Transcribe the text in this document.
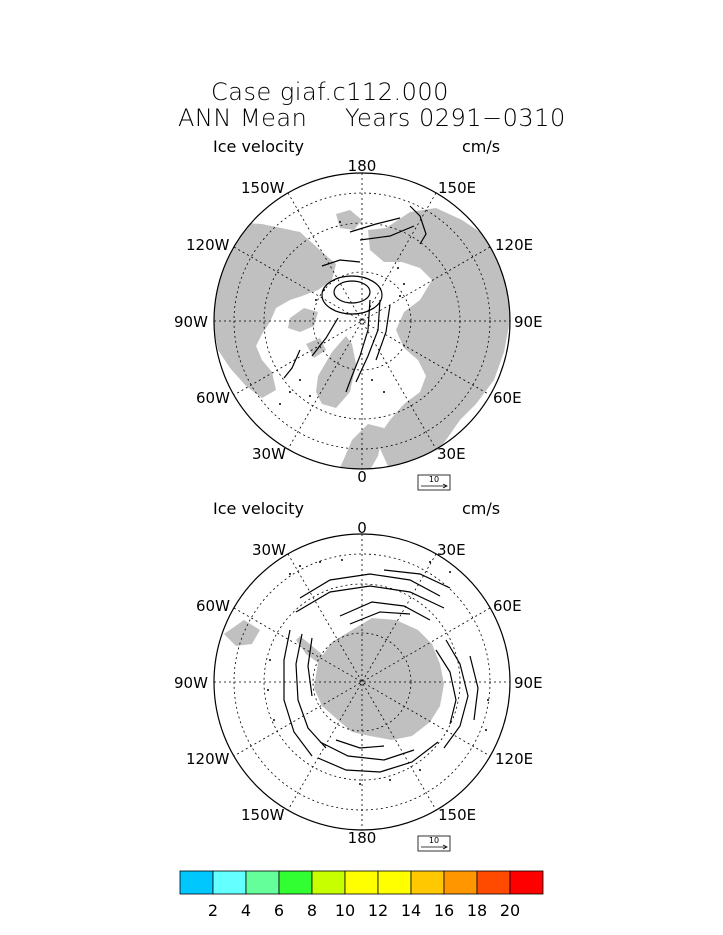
Case giaf.c112.000
ANN Mean Years 0291−0310
Ice velocity	cm/s
180
0
90W	90E
150W
120W
150E
120E
60W
30W
60E
30E
10
Ice velocity	cm/s
0
180
90W	90E
30W
60W
30E
60E
120W
150W
120E
150E
10
2 4 6 8 10 12 14 16 18 20
